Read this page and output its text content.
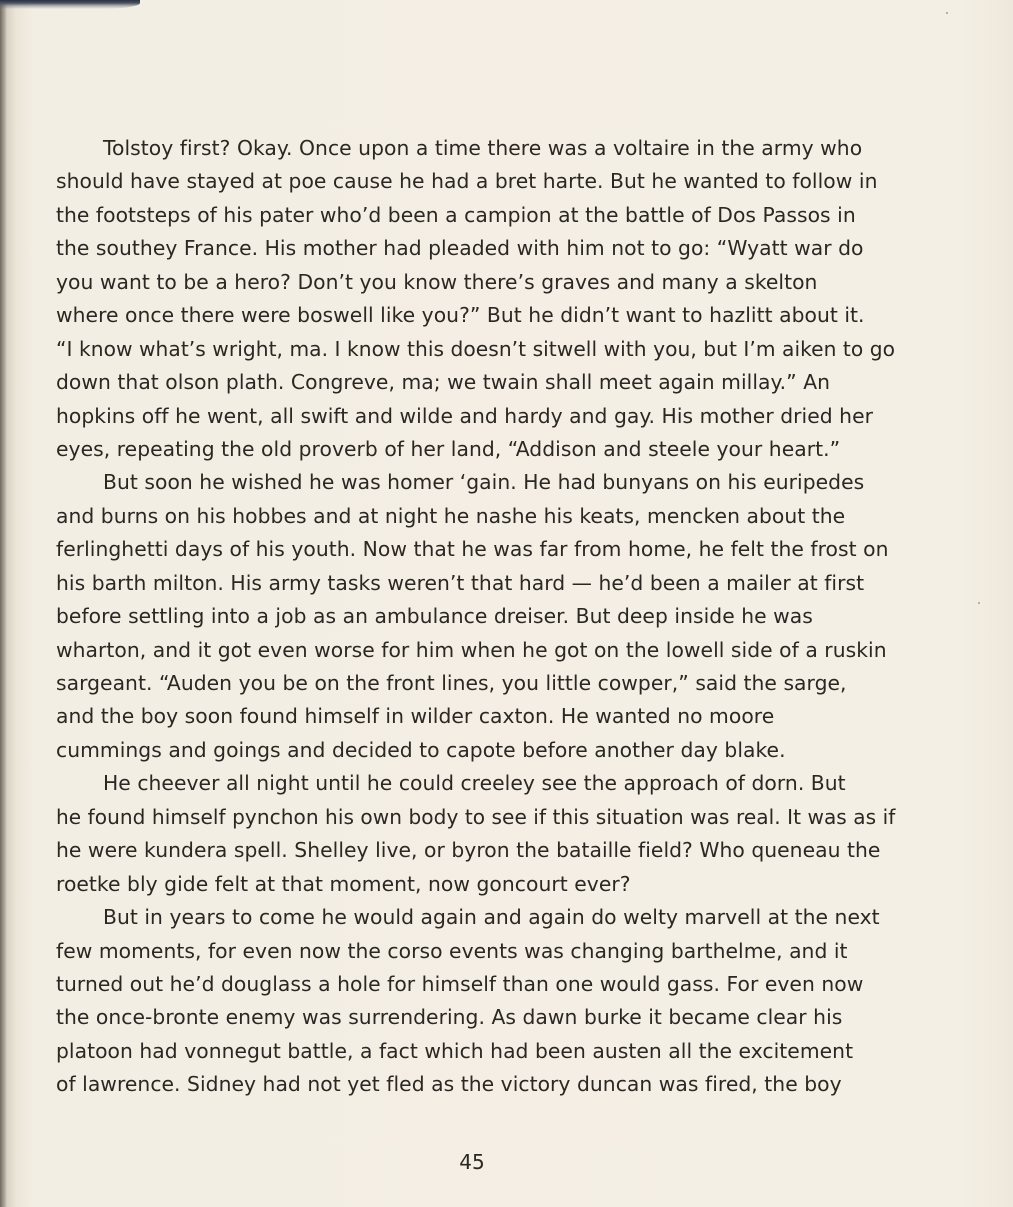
Tolstoy first? Okay. Once upon a time there was a voltaire in the army who
should have stayed at poe cause he had a bret harte. But he wanted to follow in
the footsteps of his pater who’d been a campion at the battle of Dos Passos in
the southey France. His mother had pleaded with him not to go: “Wyatt war do
you want to be a hero? Don’t you know there’s graves and many a skelton
where once there were boswell like you?” But he didn’t want to hazlitt about it.
“I know what’s wright, ma. I know this doesn’t sitwell with you, but I’m aiken to go
down that olson plath. Congreve, ma; we twain shall meet again millay.” An
hopkins off he went, all swift and wilde and hardy and gay. His mother dried her
eyes, repeating the old proverb of her land, “Addison and steele your heart.”
But soon he wished he was homer ‘gain. He had bunyans on his euripedes
and burns on his hobbes and at night he nashe his keats, mencken about the
ferlinghetti days of his youth. Now that he was far from home, he felt the frost on
his barth milton. His army tasks weren’t that hard — he’d been a mailer at first
before settling into a job as an ambulance dreiser. But deep inside he was
wharton, and it got even worse for him when he got on the lowell side of a ruskin
sargeant. “Auden you be on the front lines, you little cowper,” said the sarge,
and the boy soon found himself in wilder caxton. He wanted no moore
cummings and goings and decided to capote before another day blake.
He cheever all night until he could creeley see the approach of dorn. But
he found himself pynchon his own body to see if this situation was real. It was as if
he were kundera spell. Shelley live, or byron the bataille field? Who queneau the
roetke bly gide felt at that moment, now goncourt ever?
But in years to come he would again and again do welty marvell at the next
few moments, for even now the corso events was changing barthelme, and it
turned out he’d douglass a hole for himself than one would gass. For even now
the once-bronte enemy was surrendering. As dawn burke it became clear his
platoon had vonnegut battle, a fact which had been austen all the excitement
of lawrence. Sidney had not yet fled as the victory duncan was fired, the boy
45
